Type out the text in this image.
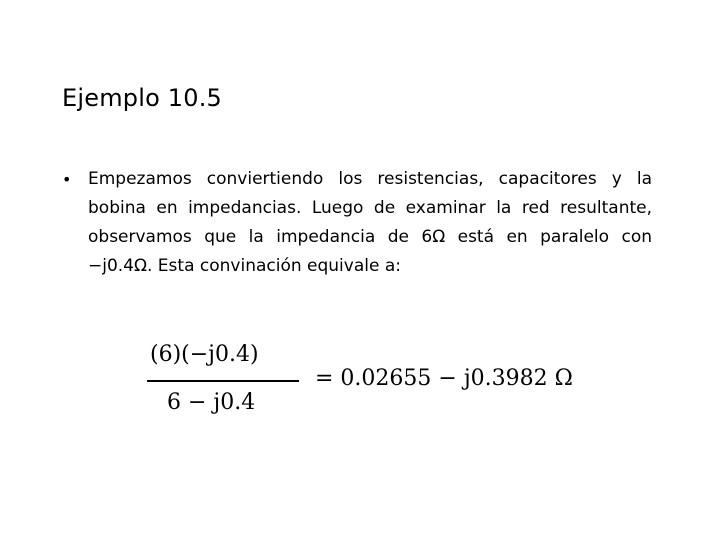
Ejemplo 10.5
• Empezamos conviertiendo los resistencias, capacitores y la bobina en impedancias. Luego de examinar la red resultante, observamos que la impedancia de 6Ω está en paralelo con −j0.4Ω. Esta convinación equivale a:
(6)(−j0.4)
6 − j0.4
= 0.02655 − j0.3982 Ω
